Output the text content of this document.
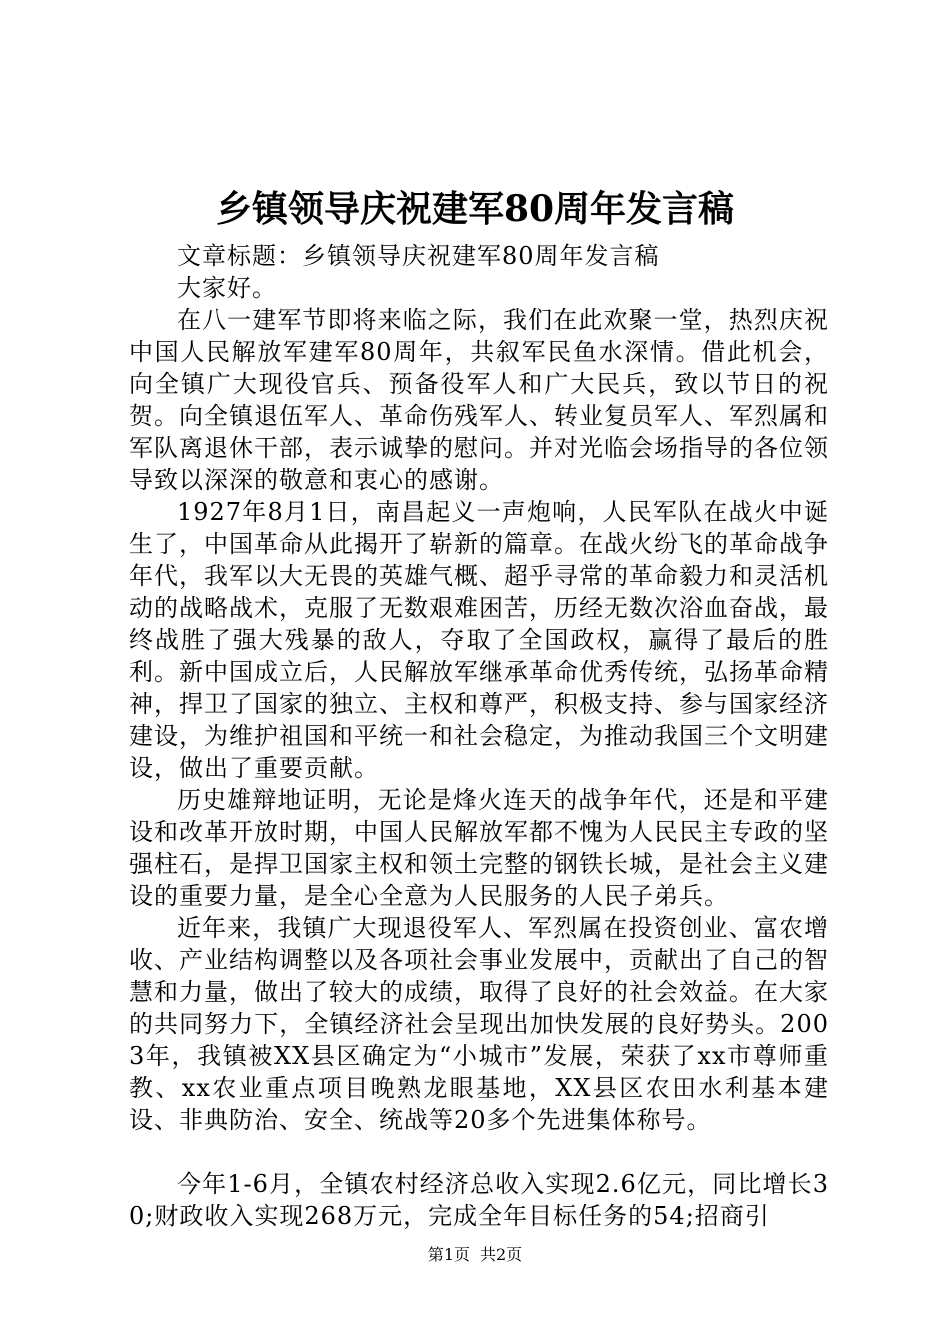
乡镇领导庆祝建军80周年发言稿

文章标题：乡镇领导庆祝建军80周年发言稿

大家好。

在八一建军节即将来临之际，我们在此欢聚一堂，热烈庆祝中国人民解放军建军80周年，共叙军民鱼水深情。借此机会，向全镇广大现役官兵、预备役军人和广大民兵，致以节日的祝贺。向全镇退伍军人、革命伤残军人、转业复员军人、军烈属和军队离退休干部，表示诚挚的慰问。并对光临会场指导的各位领导致以深深的敬意和衷心的感谢。

1927年8月1日，南昌起义一声炮响，人民军队在战火中诞生了，中国革命从此揭开了崭新的篇章。在战火纷飞的革命战争年代，我军以大无畏的英雄气概、超乎寻常的革命毅力和灵活机动的战略战术，克服了无数艰难困苦，历经无数次浴血奋战，最终战胜了强大残暴的敌人，夺取了全国政权，赢得了最后的胜利。新中国成立后，人民解放军继承革命优秀传统，弘扬革命精神，捍卫了国家的独立、主权和尊严，积极支持、参与国家经济建设，为维护祖国和平统一和社会稳定，为推动我国三个文明建设，做出了重要贡献。

历史雄辩地证明，无论是烽火连天的战争年代，还是和平建设和改革开放时期，中国人民解放军都不愧为人民民主专政的坚强柱石，是捍卫国家主权和领土完整的钢铁长城，是社会主义建设的重要力量，是全心全意为人民服务的人民子弟兵。

近年来，我镇广大现退役军人、军烈属在投资创业、富农增收、产业结构调整以及各项社会事业发展中，贡献出了自己的智慧和力量，做出了较大的成绩，取得了良好的社会效益。在大家的共同努力下，全镇经济社会呈现出加快发展的良好势头。2003年，我镇被XX县区确定为“小城市”发展，荣获了xx市尊师重教、xx农业重点项目晚熟龙眼基地，XX县区农田水利基本建设、非典防治、安全、统战等20多个先进集体称号。

今年1-6月，全镇农村经济总收入实现2.6亿元，同比增长30;财政收入实现268万元，完成全年目标任务的54;招商引

第1页 共2页
